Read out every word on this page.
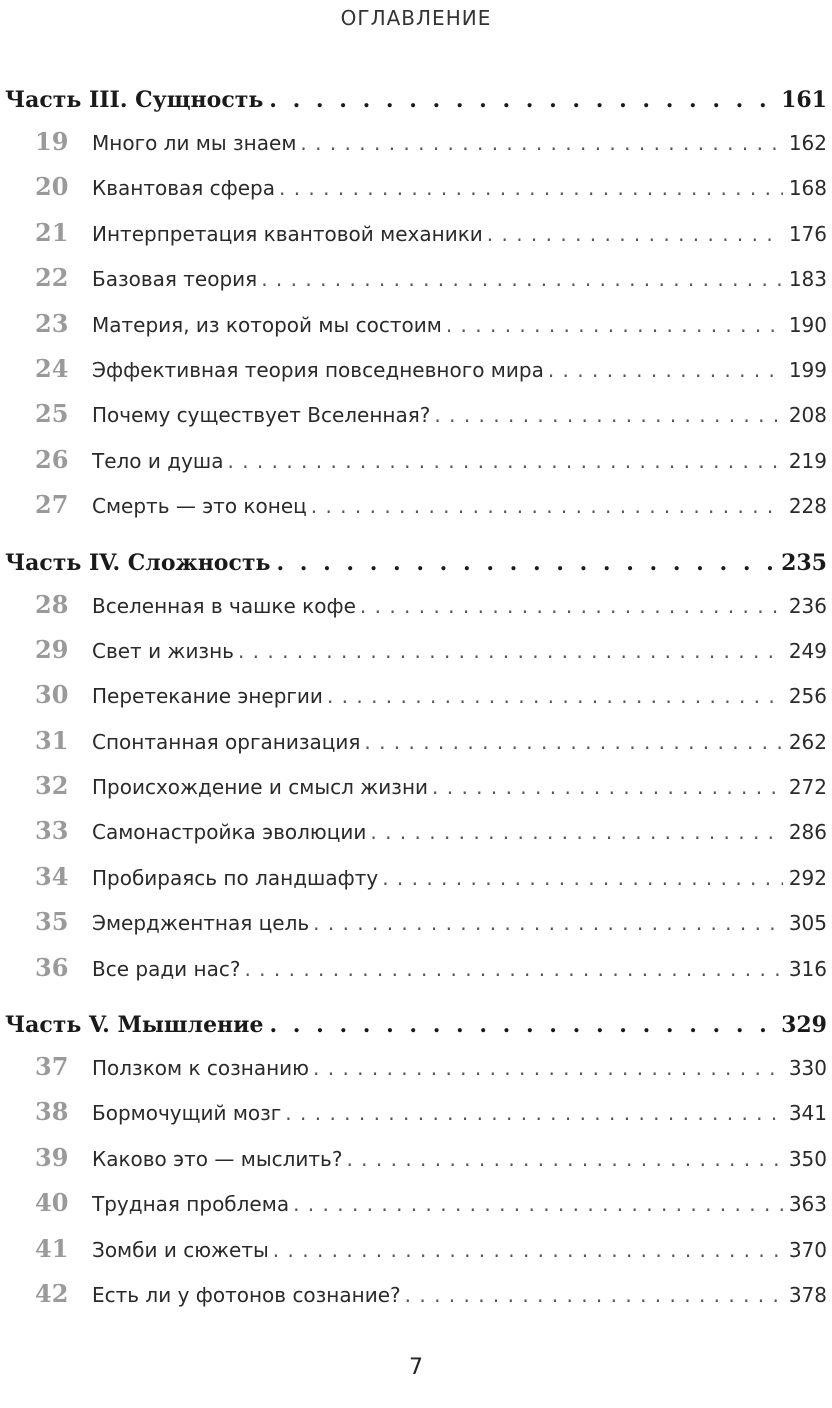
ОГЛАВЛЕНИЕ
Часть III. Сущность . . .	161
19	Много ли мы знаем . . .	162
20	Квантовая сфера . . .	168
21	Интерпретация квантовой механики . . .	176
22	Базовая теория . . .	183
23	Материя, из которой мы состоим . . .	190
24	Эффективная теория повседневного мира . . .	199
25	Почему существует Вселенная? . . .	208
26	Тело и душа . . .	219
27	Смерть — это конец . . .	228
Часть IV. Сложность . . .	235
28	Вселенная в чашке кофе . . .	236
29	Свет и жизнь . . .	249
30	Перетекание энергии . . .	256
31	Спонтанная организация . . .	262
32	Происхождение и смысл жизни . . .	272
33	Самонастройка эволюции . . .	286
34	Пробираясь по ландшафту . . .	292
35	Эмерджентная цель . . .	305
36	Все ради нас? . . .	316
Часть V. Мышление . . .	329
37	Ползком к сознанию . . .	330
38	Бормочущий мозг . . .	341
39	Каково это — мыслить? . . .	350
40	Трудная проблема . . .	363
41	Зомби и сюжеты . . .	370
42	Есть ли у фотонов сознание? . . .	378
7
